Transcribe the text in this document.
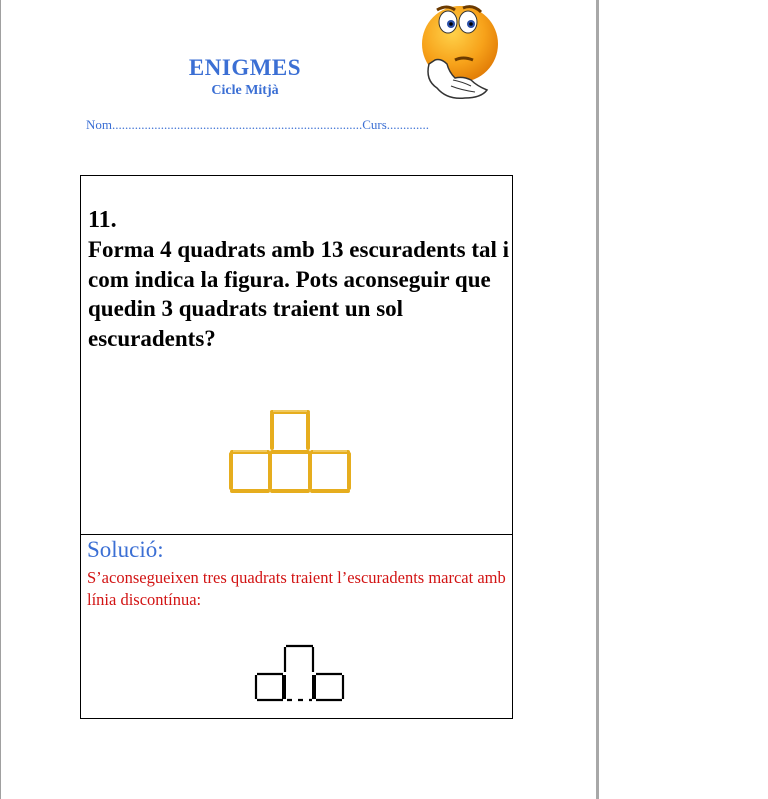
ENIGMES
Cicle Mitjà
Nom.............................................................................Curs.............
11.
Forma 4 quadrats amb 13 escuradents tal i com indica la figura. Pots aconseguir que quedin 3 quadrats traient un sol escuradents?
Solució:
S’aconsegueixen tres quadrats traient l’escuradents marcat amb línia discontínua:
